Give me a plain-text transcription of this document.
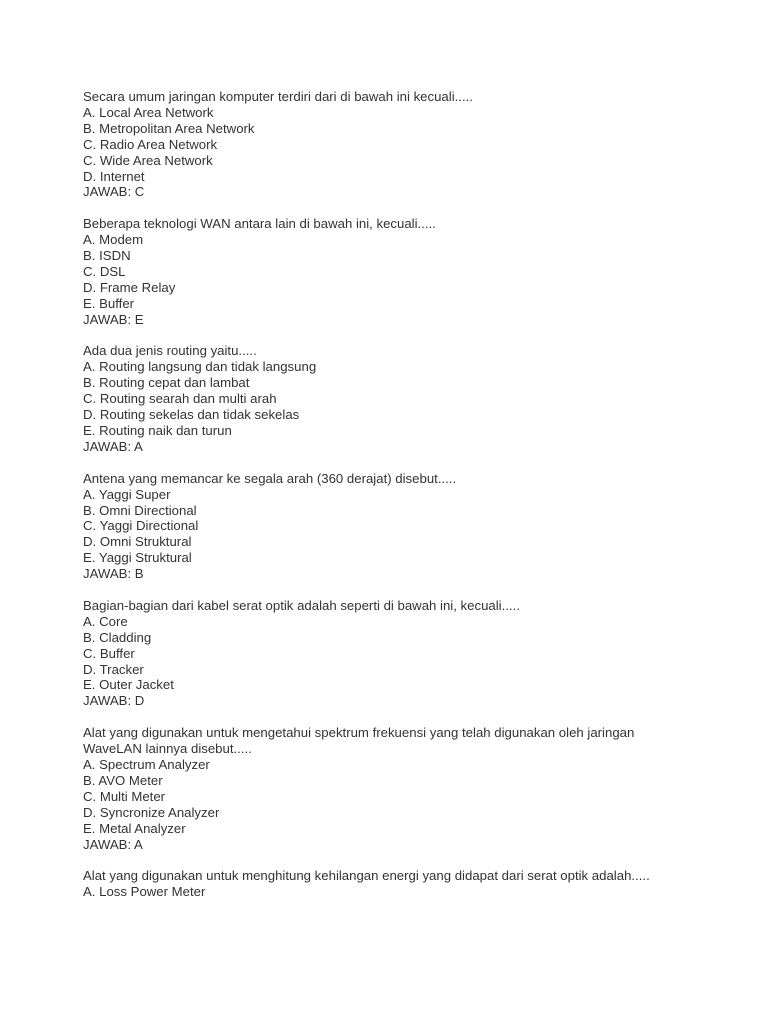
Secara umum jaringan komputer terdiri dari di bawah ini kecuali.....
A. Local Area Network
B. Metropolitan Area Network
C. Radio Area Network
C. Wide Area Network
D. Internet
JAWAB: C
Beberapa teknologi WAN antara lain di bawah ini, kecuali.....
A. Modem
B. ISDN
C. DSL
D. Frame Relay
E. Buffer
JAWAB: E
Ada dua jenis routing yaitu.....
A. Routing langsung dan tidak langsung
B. Routing cepat dan lambat
C. Routing searah dan multi arah
D. Routing sekelas dan tidak sekelas
E. Routing naik dan turun
JAWAB: A
Antena yang memancar ke segala arah (360 derajat) disebut.....
A. Yaggi Super
B. Omni Directional
C. Yaggi Directional
D. Omni Struktural
E. Yaggi Struktural
JAWAB: B
Bagian-bagian dari kabel serat optik adalah seperti di bawah ini, kecuali.....
A. Core
B. Cladding
C. Buffer
D. Tracker
E. Outer Jacket
JAWAB: D
Alat yang digunakan untuk mengetahui spektrum frekuensi yang telah digunakan oleh jaringan
WaveLAN lainnya disebut.....
A. Spectrum Analyzer
B. AVO Meter
C. Multi Meter
D. Syncronize Analyzer
E. Metal Analyzer
JAWAB: A
Alat yang digunakan untuk menghitung kehilangan energi yang didapat dari serat optik adalah.....
A. Loss Power Meter
